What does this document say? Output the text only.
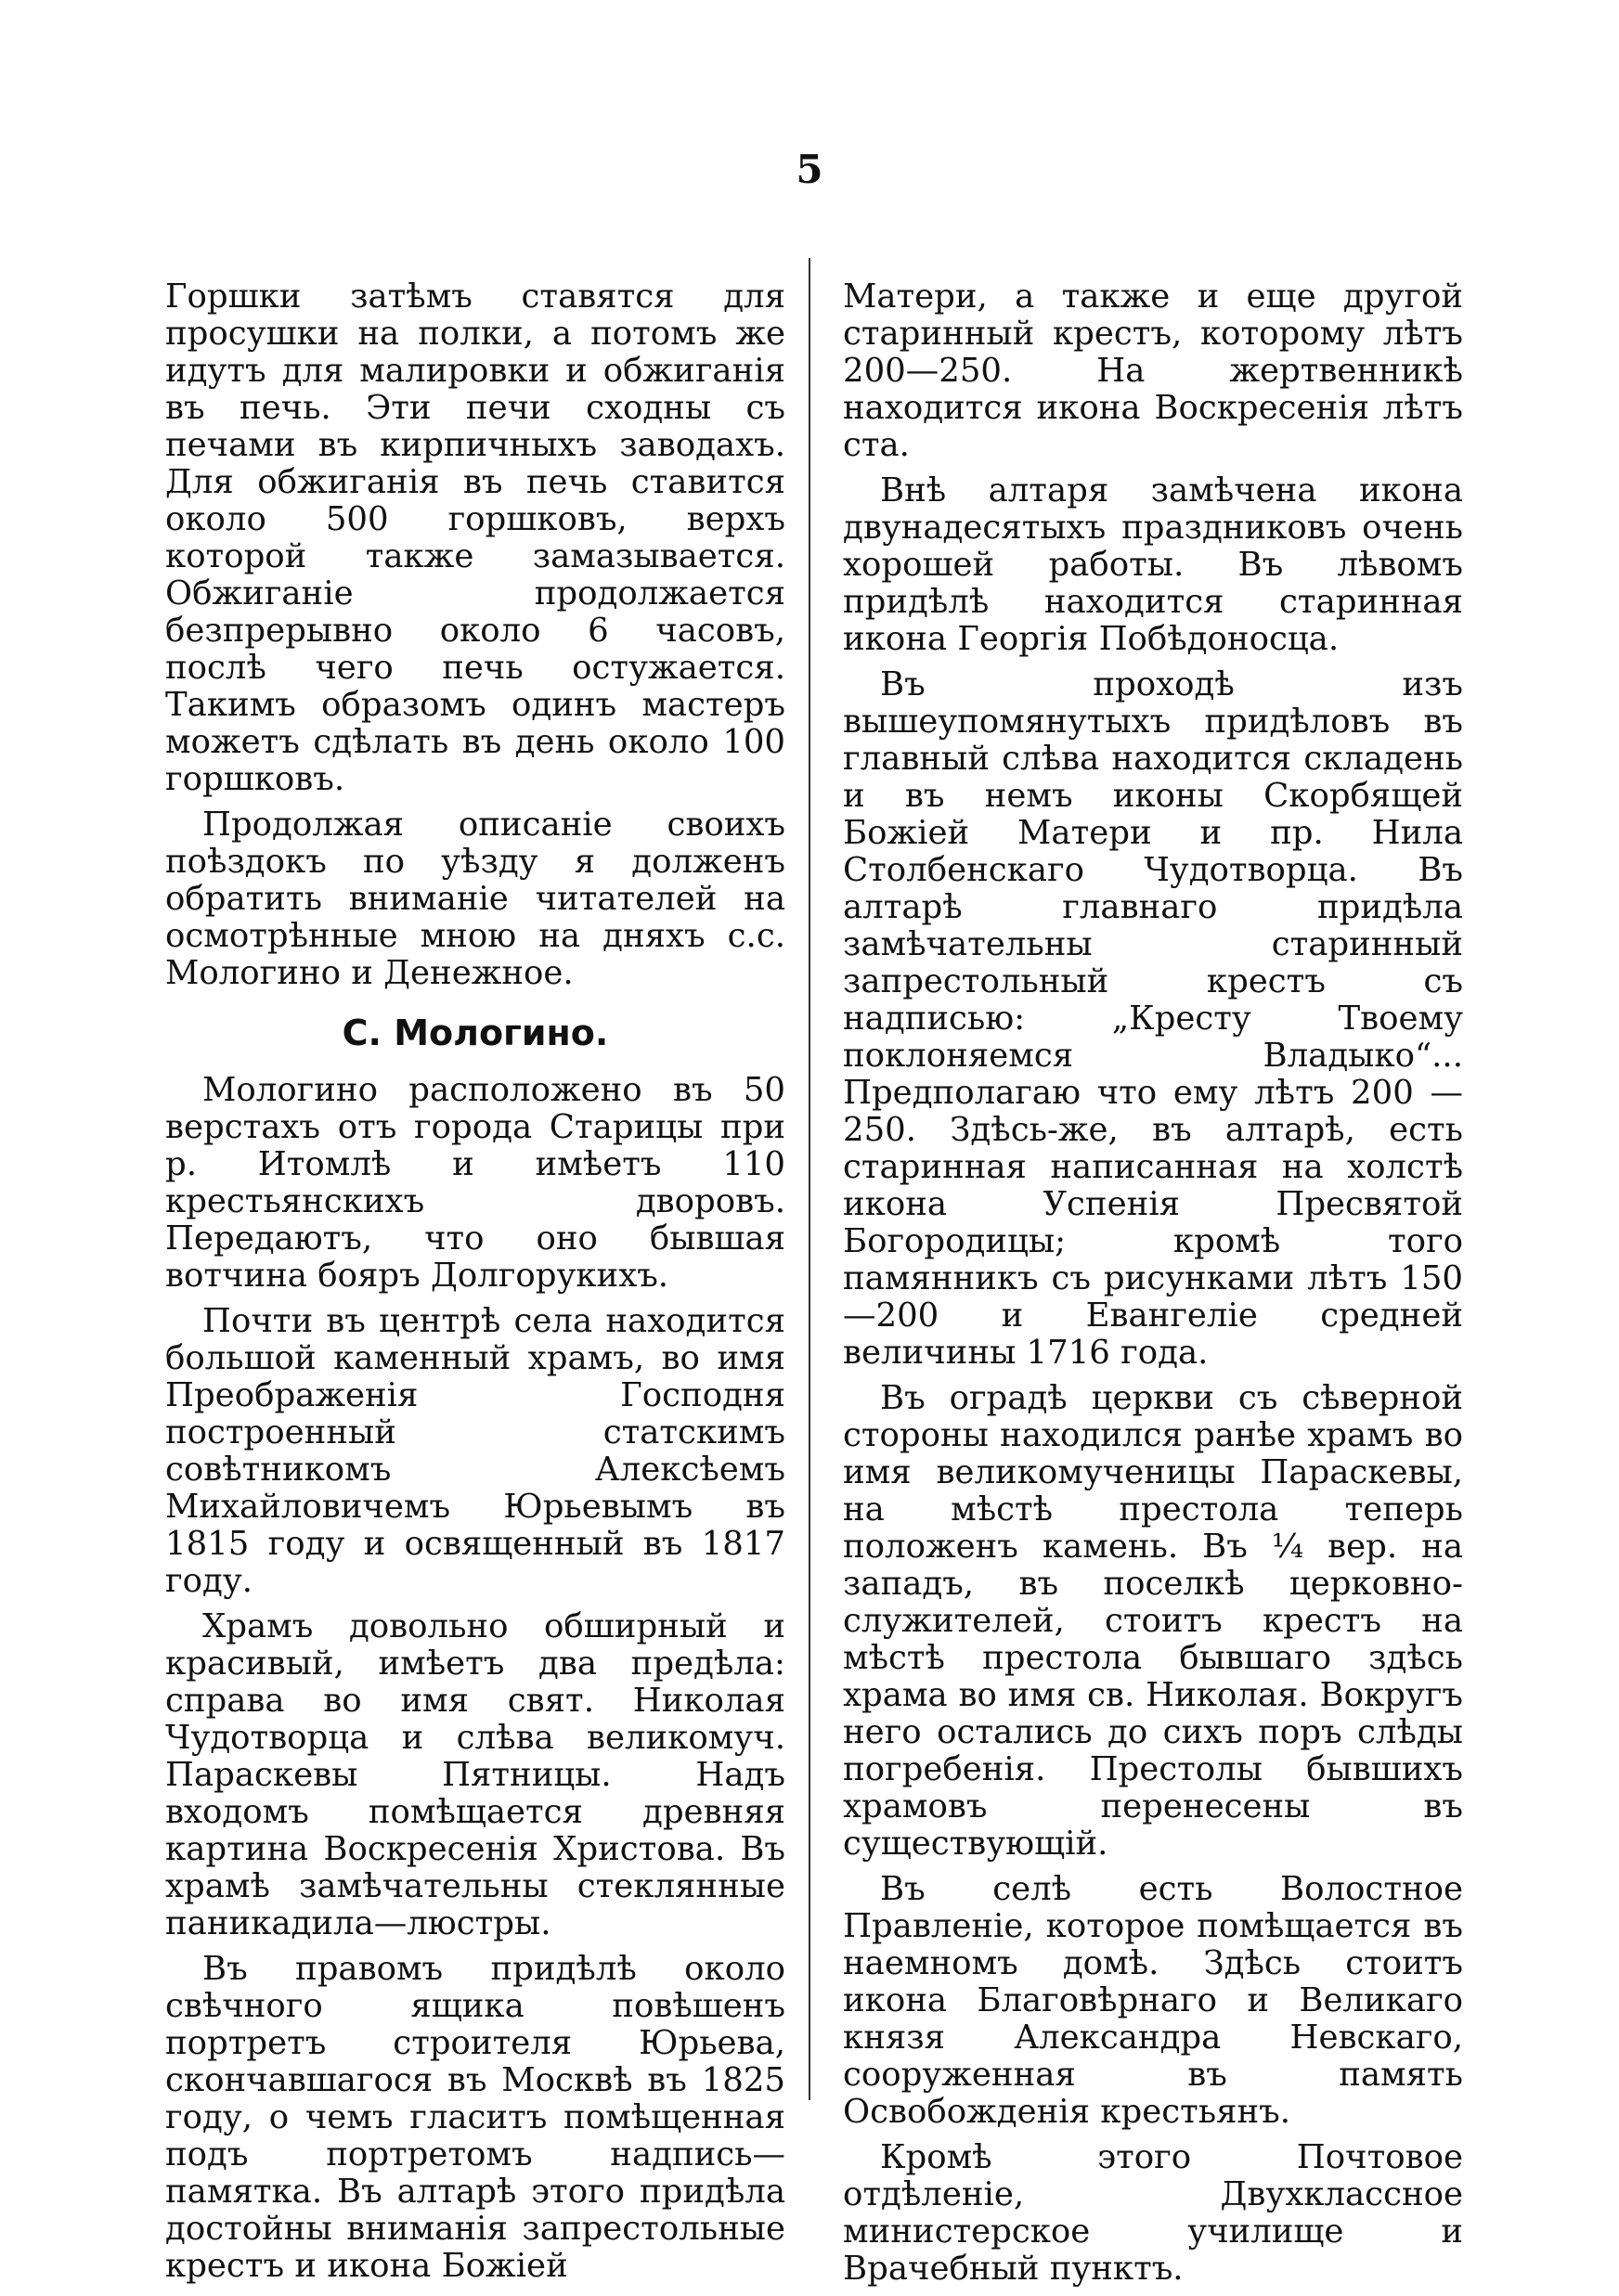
5

Горшки затѣмъ ставятся для просушки на полки, а потомъ же идутъ для малировки и обжиганія въ печь. Эти печи сходны съ печами въ кирпичныхъ заводахъ. Для обжиганія въ печь ставится около 500 горшковъ, верхъ которой также замазывается. Обжиганіе продолжается безпрерывно около 6 часовъ, послѣ чего печь остужается. Такимъ образомъ одинъ мастеръ можетъ сдѣлать въ день около 100 горшковъ.

Продолжая описаніе своихъ поѣздокъ по уѣзду я долженъ обратить вниманіе читателей на осмотрѣнные мною на дняхъ с.с. Мологино и Денежное.

С. Мологино.

Мологино расположено въ 50 верстахъ отъ города Старицы при р. Итомлѣ и имѣетъ 110 крестьянскихъ дворовъ. Передаютъ, что оно бывшая вотчина бояръ Долгорукихъ.

Почти въ центрѣ села находится большой каменный храмъ, во имя Преображенія Господня построенный статскимъ совѣтникомъ Алексѣемъ Михайловичемъ Юрьевымъ въ 1815 году и освященный въ 1817 году.

Храмъ довольно обширный и красивый, имѣетъ два предѣла: справа во имя свят. Николая Чудотворца и слѣва великомуч. Параскевы Пятницы. Надъ входомъ помѣщается древняя картина Воскресенія Христова. Въ храмѣ замѣчательны стеклянные паникадила—люстры.

Въ правомъ придѣлѣ около свѣчного ящика повѣшенъ портретъ строителя Юрьева, скончавшагося въ Москвѣ въ 1825 году, о чемъ гласитъ помѣщенная подъ портретомъ надпись—памятка. Въ алтарѣ этого придѣла достойны вниманія запрестольные крестъ и икона Божіей

Матери, а также и еще другой старинный крестъ, которому лѣтъ 200—250. На жертвенникѣ находится икона Воскресенія лѣтъ ста.

Внѣ алтаря замѣчена икона двунадесятыхъ праздниковъ очень хорошей работы. Въ лѣвомъ придѣлѣ находится старинная икона Георгія Побѣдоносца.

Въ проходѣ изъ вышеупомянутыхъ придѣловъ въ главный слѣва находится складень и въ немъ иконы Скорбящей Божіей Матери и пр. Нила Столбенскаго Чудотворца. Въ алтарѣ главнаго придѣла замѣчательны старинный запрестольный крестъ съ надписью: „Кресту Твоему поклоняемся Владыко“... Предполагаю что ему лѣтъ 200 — 250. Здѣсь-же, въ алтарѣ, есть старинная написанная на холстѣ икона Успенія Пресвятой Богородицы; кромѣ того памянникъ съ рисунками лѣтъ 150—200 и Евангеліе средней величины 1716 года.

Въ оградѣ церкви съ сѣверной стороны находился ранѣе храмъ во имя великомученицы Параскевы, на мѣстѣ престола теперь положенъ камень. Въ ¼ вер. на западъ, въ поселкѣ церковно-служителей, стоитъ крестъ на мѣстѣ престола бывшаго здѣсь храма во имя св. Николая. Вокругъ него остались до сихъ поръ слѣды погребенія. Престолы бывшихъ храмовъ перенесены въ существующій.

Въ селѣ есть Волостное Правленіе, которое помѣщается въ наемномъ домѣ. Здѣсь стоитъ икона Благовѣрнаго и Великаго князя Александра Невскаго, сооруженная въ память Освобожденія крестьянъ.

Кромѣ этого Почтовое отдѣленіе, Двухклассное министерское училище и Врачебный пунктъ.
